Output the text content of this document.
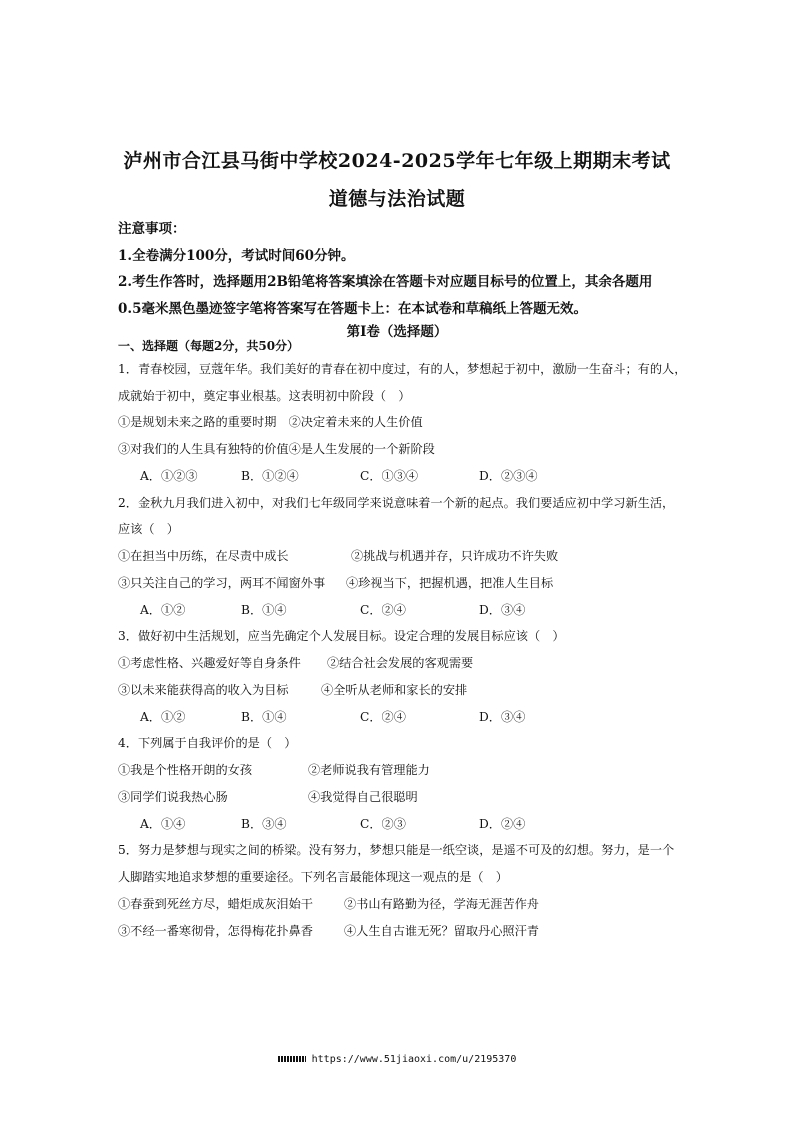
泸州市合江县马街中学校2024-2025学年七年级上期期末考试
道德与法治试题
注意事项：
1.全卷满分100分，考试时间60分钟。
2.考生作答时，选择题用2B铅笔将答案填涂在答题卡对应题目标号的位置上，其余各题用
0.5毫米黑色墨迹签字笔将答案写在答题卡上：在本试卷和草稿纸上答题无效。
第Ⅰ卷（选择题）
一、选择题（每题2分，共50分）
1．青春校园，豆蔻年华。我们美好的青春在初中度过，有的人，梦想起于初中，激励一生奋斗；有的人，
成就始于初中，奠定事业根基。这表明初中阶段（　）
①是规划未来之路的重要时期　②决定着未来的人生价值
③对我们的人生具有独特的价值④是人生发展的一个新阶段
A．①②③	B．①②④	C．①③④	D．②③④
2．金秋九月我们进入初中，对我们七年级同学来说意味着一个新的起点。我们要适应初中学习新生活，
应该（　）
①在担当中历练，在尽责中成长	②挑战与机遇并存，只许成功不许失败
③只关注自己的学习，两耳不闻窗外事 ④珍视当下，把握机遇，把准人生目标
A．①②	B．①④	C．②④	D．③④
3．做好初中生活规划，应当先确定个人发展目标。设定合理的发展目标应该（　）
①考虑性格、兴趣爱好等自身条件 ②结合社会发展的客观需要
③以未来能获得高的收入为目标	④全听从老师和家长的安排
A．①②	B．①④	C．②④	D．③④
4．下列属于自我评价的是（　）
①我是个性格开朗的女孩	②老师说我有管理能力
③同学们说我热心肠	④我觉得自己很聪明
A．①④	B．③④	C．②③	D．②④
5．努力是梦想与现实之间的桥梁。没有努力，梦想只能是一纸空谈，是遥不可及的幻想。努力，是一个
人脚踏实地追求梦想的重要途径。下列名言最能体现这一观点的是（　）
①春蚕到死丝方尽，蜡炬成灰泪始干	②书山有路勤为径，学海无涯苦作舟
③不经一番寒彻骨，怎得梅花扑鼻香	④人生自古谁无死？留取丹心照汗青
https://www.51jiaoxi.com/u/2195370
